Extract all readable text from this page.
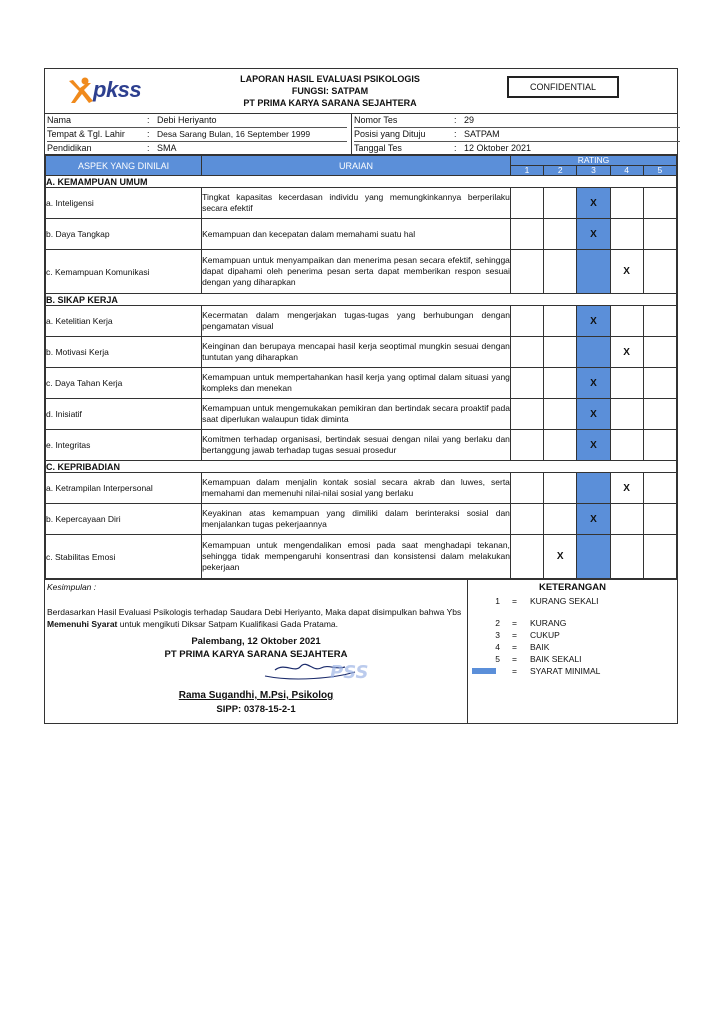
pkss	LAPORAN HASIL EVALUASI PSIKOLOGIS
FUNGSI: SATPAM
PT PRIMA KARYA SARANA SEJAHTERA
CONFIDENTIAL
Nama	: Debi Heriyanto
Tempat & Tgl. Lahir : Desa Sarang Bulan, 16 September 1999
Pendidikan	: SMA
Nomor Tes	: 29
Posisi yang Dituju	: SATPAM
Tanggal Tes	: 12 Oktober 2021
ASPEK YANG DINILAI	URAIAN	RATING				
		1	2	3	4	5
A. KEMAMPUAN UMUM						
a. Inteligensi	Tingkat kapasitas kecerdasan individu yang memungkinkannya berperilaku secara efektif			X		
b. Daya Tangkap	Kemampuan dan kecepatan dalam memahami suatu hal			X		
c. Kemampuan Komunikasi	Kemampuan untuk menyampaikan dan menerima pesan secara efektif, sehingga dapat dipahami oleh penerima pesan serta dapat memberikan respon sesuai dengan yang diharapkan				X	
B. SIKAP KERJA						
a. Ketelitian Kerja	Kecermatan dalam mengerjakan tugas-tugas yang berhubungan dengan pengamatan visual			X		
b. Motivasi Kerja	Keinginan dan berupaya mencapai hasil kerja seoptimal mungkin sesuai dengan tuntutan yang diharapkan				X	
c. Daya Tahan Kerja	Kemampuan untuk mempertahankan hasil kerja yang optimal dalam situasi yang kompleks dan menekan			X		
d. Inisiatif	Kemampuan untuk mengemukakan pemikiran dan bertindak secara proaktif pada saat diperlukan walaupun tidak diminta			X		
e. Integritas	Komitmen terhadap organisasi, bertindak sesuai dengan nilai yang berlaku dan bertanggung jawab terhadap tugas sesuai prosedur			X		
C. KEPRIBADIAN						
a. Ketrampilan Interpersonal	Kemampuan dalam menjalin kontak sosial secara akrab dan luwes, serta memahami dan memenuhi nilai-nilai sosial yang berlaku				X	
b. Kepercayaan Diri	Keyakinan atas kemampuan yang dimiliki dalam berinteraksi sosial dan menjalankan tugas pekerjaannya			X		
c. Stabilitas Emosi	Kemampuan untuk mengendalikan emosi pada saat menghadapi tekanan, sehingga tidak mempengaruhi konsentrasi dan konsistensi dalam melakukan pekerjaan		X			
Kesimpulan :
Berdasarkan Hasil Evaluasi Psikologis terhadap Saudara Debi Heriyanto, Maka dapat disimpulkan bahwa Ybs Memenuhi Syarat untuk mengikuti Diksar Satpam Kualifikasi Gada Pratama.
Palembang, 12 Oktober 2021
PT PRIMA KARYA SARANA SEJAHTERA
PSS
Rama Sugandhi, M.Psi, Psikolog
SIPP: 0378-15-2-1
KETERANGAN
1 = KURANG SEKALI
2 = KURANG
3 = CUKUP
4 = BAIK
5 = BAIK SEKALI
= SYARAT MINIMAL
